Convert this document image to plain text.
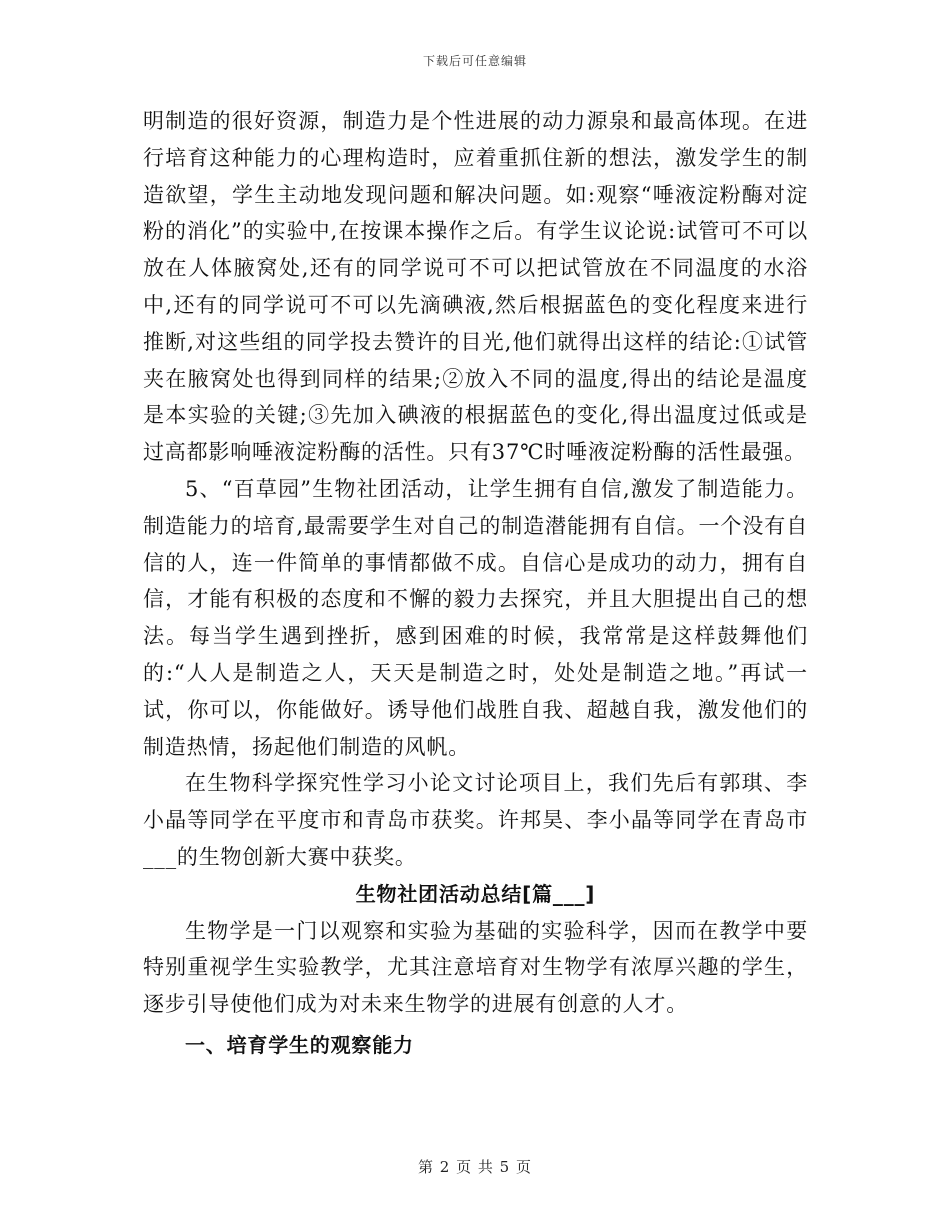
下载后可任意编辑

明制造的很好资源，制造力是个性进展的动力源泉和最高体现。在进行培育这种能力的心理构造时，应着重抓住新的想法，激发学生的制造欲望，学生主动地发现问题和解决问题。如:观察“唾液淀粉酶对淀粉的消化”的实验中,在按课本操作之后。有学生议论说:试管可不可以放在人体腋窝处,还有的同学说可不可以把试管放在不同温度的水浴中,还有的同学说可不可以先滴碘液,然后根据蓝色的变化程度来进行推断,对这些组的同学投去赞许的目光,他们就得出这样的结论:①试管夹在腋窝处也得到同样的结果;②放入不同的温度,得出的结论是温度是本实验的关键;③先加入碘液的根据蓝色的变化,得出温度过低或是过高都影响唾液淀粉酶的活性。只有37℃时唾液淀粉酶的活性最强。

5、“百草园”生物社团活动，让学生拥有自信,激发了制造能力。制造能力的培育,最需要学生对自己的制造潜能拥有自信。一个没有自信的人，连一件简单的事情都做不成。自信心是成功的动力，拥有自信，才能有积极的态度和不懈的毅力去探究，并且大胆提出自己的想法。每当学生遇到挫折，感到困难的时候，我常常是这样鼓舞他们的:“人人是制造之人，天天是制造之时，处处是制造之地。”再试一试，你可以，你能做好。诱导他们战胜自我、超越自我，激发他们的制造热情，扬起他们制造的风帆。

在生物科学探究性学习小论文讨论项目上，我们先后有郭琪、李小晶等同学在平度市和青岛市获奖。许邦昊、李小晶等同学在青岛市___的生物创新大赛中获奖。

生物社团活动总结[篇___]

生物学是一门以观察和实验为基础的实验科学，因而在教学中要特别重视学生实验教学，尤其注意培育对生物学有浓厚兴趣的学生，逐步引导使他们成为对未来生物学的进展有创意的人才。

一、培育学生的观察能力

第 2 页 共 5 页
